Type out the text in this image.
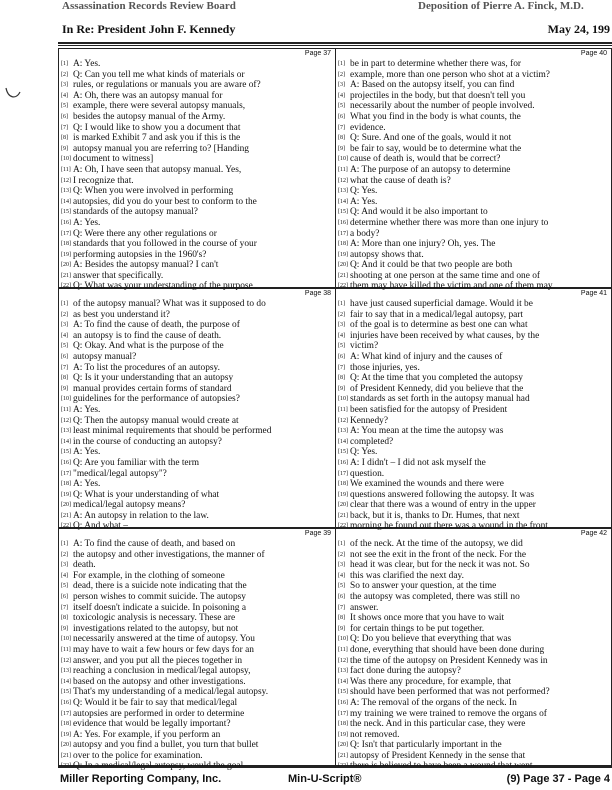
Assassination Records Review Board	Deposition of Pierre A. Finck, M.D.
In Re: President John F. Kennedy	May 24, 199
Page 37
[1] A: Yes.
[2] Q: Can you tell me what kinds of materials or
[3] rules, or regulations or manuals you are aware of?
[4] A: Oh, there was an autopsy manual for
[5] example, there were several autopsy manuals,
[6] besides the autopsy manual of the Army.
[7] Q: I would like to show you a document that
[8] is marked Exhibit 7 and ask you if this is the
[9] autopsy manual you are referring to? [Handing
[10] document to witness]
[11] A: Oh, I have seen that autopsy manual. Yes,
[12] I recognize that.
[13] Q: When you were involved in performing
[14] autopsies, did you do your best to conform to the
[15] standards of the autopsy manual?
[16] A: Yes.
[17] Q: Were there any other regulations or
[18] standards that you followed in the course of your
[19] performing autopsies in the 1960's?
[20] A: Besides the autopsy manual? I can't
[21] answer that specifically.
[22] Q: What was your understanding of the purpose
Page 40
[1] be in part to determine whether there was, for
[2] example, more than one person who shot at a victim?
[3] A: Based on the autopsy itself, you can find
[4] projectiles in the body, but that doesn't tell you
[5] necessarily about the number of people involved.
[6] What you find in the body is what counts, the
[7] evidence.
[8] Q: Sure. And one of the goals, would it not
[9] be fair to say, would be to determine what the
[10] cause of death is, would that be correct?
[11] A: The purpose of an autopsy to determine
[12] what the cause of death is?
[13] Q: Yes.
[14] A: Yes.
[15] Q: And would it be also important to
[16] determine whether there was more than one injury to
[17] a body?
[18] A: More than one injury? Oh, yes. The
[19] autopsy shows that.
[20] Q: And it could be that two people are both
[21] shooting at one person at the same time and one of
[22] them may have killed the victim and one of them may
Page 38
[1] of the autopsy manual? What was it supposed to do
[2] as best you understand it?
[3] A: To find the cause of death, the purpose of
[4] an autopsy is to find the cause of death.
[5] Q: Okay. And what is the purpose of the
[6] autopsy manual?
[7] A: To list the procedures of an autopsy.
[8] Q: Is it your understanding that an autopsy
[9] manual provides certain forms of standard
[10] guidelines for the performance of autopsies?
[11] A: Yes.
[12] Q: Then the autopsy manual would create at
[13] least minimal requirements that should be performed
[14] in the course of conducting an autopsy?
[15] A: Yes.
[16] Q: Are you familiar with the term
[17] "medical/legal autopsy"?
[18] A: Yes.
[19] Q: What is your understanding of what
[20] medical/legal autopsy means?
[21] A: An autopsy in relation to the law.
[22] Q: And what –
Page 41
[1] have just caused superficial damage. Would it be
[2] fair to say that in a medical/legal autopsy, part
[3] of the goal is to determine as best one can what
[4] injuries have been received by what causes, by the
[5] victim?
[6] A: What kind of injury and the causes of
[7] those injuries, yes.
[8] Q: At the time that you completed the autopsy
[9] of President Kennedy, did you believe that the
[10] standards as set forth in the autopsy manual had
[11] been satisfied for the autopsy of President
[12] Kennedy?
[13] A: You mean at the time the autopsy was
[14] completed?
[15] Q: Yes.
[16] A: I didn't – I did not ask myself the
[17] question.
[18] We examined the wounds and there were
[19] questions answered following the autopsy. It was
[20] clear that there was a wound of entry in the upper
[21] back, but it is, thanks to Dr. Humes, that next
[22] morning he found out there was a wound in the front
Page 39
[1] A: To find the cause of death, and based on
[2] the autopsy and other investigations, the manner of
[3] death.
[4] For example, in the clothing of someone
[5] dead, there is a suicide note indicating that the
[6] person wishes to commit suicide. The autopsy
[7] itself doesn't indicate a suicide. In poisoning a
[8] toxicologic analysis is necessary. These are
[9] investigations related to the autopsy, but not
[10] necessarily answered at the time of autopsy. You
[11] may have to wait a few hours or few days for an
[12] answer, and you put all the pieces together in
[13] reaching a conclusion in medical/legal autopsy,
[14] based on the autopsy and other investigations.
[15] That's my understanding of a medical/legal autopsy.
[16] Q: Would it be fair to say that medical/legal
[17] autopsies are performed in order to determine
[18] evidence that would be legally important?
[19] A: Yes. For example, if you perform an
[20] autopsy and you find a bullet, you turn that bullet
[21] over to the police for examination.
[22] Q: In a medical/legal autopsy, would the goal
Page 42
[1] of the neck. At the time of the autopsy, we did
[2] not see the exit in the front of the neck. For the
[3] head it was clear, but for the neck it was not. So
[4] this was clarified the next day.
[5] So to answer your question, at the time
[6] the autopsy was completed, there was still no
[7] answer.
[8] It shows once more that you have to wait
[9] for certain things to be put together.
[10] Q: Do you believe that everything that was
[11] done, everything that should have been done during
[12] the time of the autopsy on President Kennedy was in
[13] fact done during the autopsy?
[14] Was there any procedure, for example, that
[15] should have been performed that was not performed?
[16] A: The removal of the organs of the neck. In
[17] my training we were trained to remove the organs of
[18] the neck. And in this particular case, they were
[19] not removed.
[20] Q: Isn't that particularly important in the
[21] autopsy of President Kennedy in the sense that
[22] there is believed to have been a wound that went
Miller Reporting Company, Inc.	Min-U-Script®	(9) Page 37 - Page 4
